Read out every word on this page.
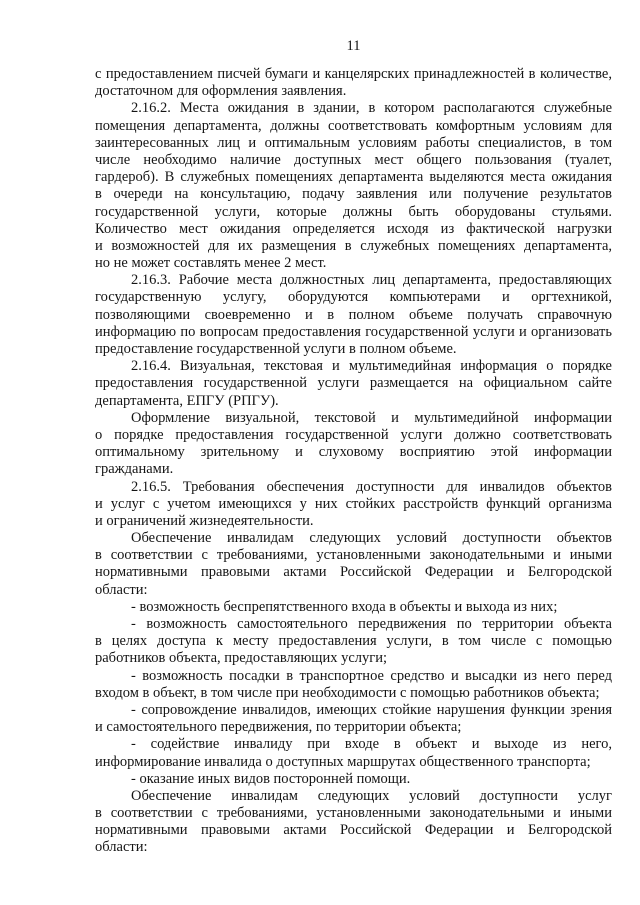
11
с предоставлением писчей бумаги и канцелярских принадлежностей в количестве,
достаточном для оформления заявления.
2.16.2. Места ожидания в здании, в котором располагаются служебные
помещения департамента, должны соответствовать комфортным условиям для
заинтересованных лиц и оптимальным условиям работы специалистов, в том
числе необходимо наличие доступных мест общего пользования (туалет,
гардероб). В служебных помещениях департамента выделяются места ожидания
в очереди на консультацию, подачу заявления или получение результатов
государственной услуги, которые должны быть оборудованы стульями.
Количество мест ожидания определяется исходя из фактической нагрузки
и возможностей для их размещения в служебных помещениях департамента,
но не может составлять менее 2 мест.
2.16.3. Рабочие места должностных лиц департамента, предоставляющих
государственную услугу, оборудуются компьютерами и оргтехникой,
позволяющими своевременно и в полном объеме получать справочную
информацию по вопросам предоставления государственной услуги и организовать
предоставление государственной услуги в полном объеме.
2.16.4. Визуальная, текстовая и мультимедийная информация о порядке
предоставления государственной услуги размещается на официальном сайте
департамента, ЕПГУ (РПГУ).
Оформление визуальной, текстовой и мультимедийной информации
о порядке предоставления государственной услуги должно соответствовать
оптимальному зрительному и слуховому восприятию этой информации
гражданами.
2.16.5. Требования обеспечения доступности для инвалидов объектов
и услуг с учетом имеющихся у них стойких расстройств функций организма
и ограничений жизнедеятельности.
Обеспечение инвалидам следующих условий доступности объектов
в соответствии с требованиями, установленными законодательными и иными
нормативными правовыми актами Российской Федерации и Белгородской
области:
- возможность беспрепятственного входа в объекты и выхода из них;
- возможность самостоятельного передвижения по территории объекта
в целях доступа к месту предоставления услуги, в том числе с помощью
работников объекта, предоставляющих услуги;
- возможность посадки в транспортное средство и высадки из него перед
входом в объект, в том числе при необходимости с помощью работников объекта;
- сопровождение инвалидов, имеющих стойкие нарушения функции зрения
и самостоятельного передвижения, по территории объекта;
- содействие инвалиду при входе в объект и выходе из него,
информирование инвалида о доступных маршрутах общественного транспорта;
- оказание иных видов посторонней помощи.
Обеспечение инвалидам следующих условий доступности услуг
в соответствии с требованиями, установленными законодательными и иными
нормативными правовыми актами Российской Федерации и Белгородской
области:
